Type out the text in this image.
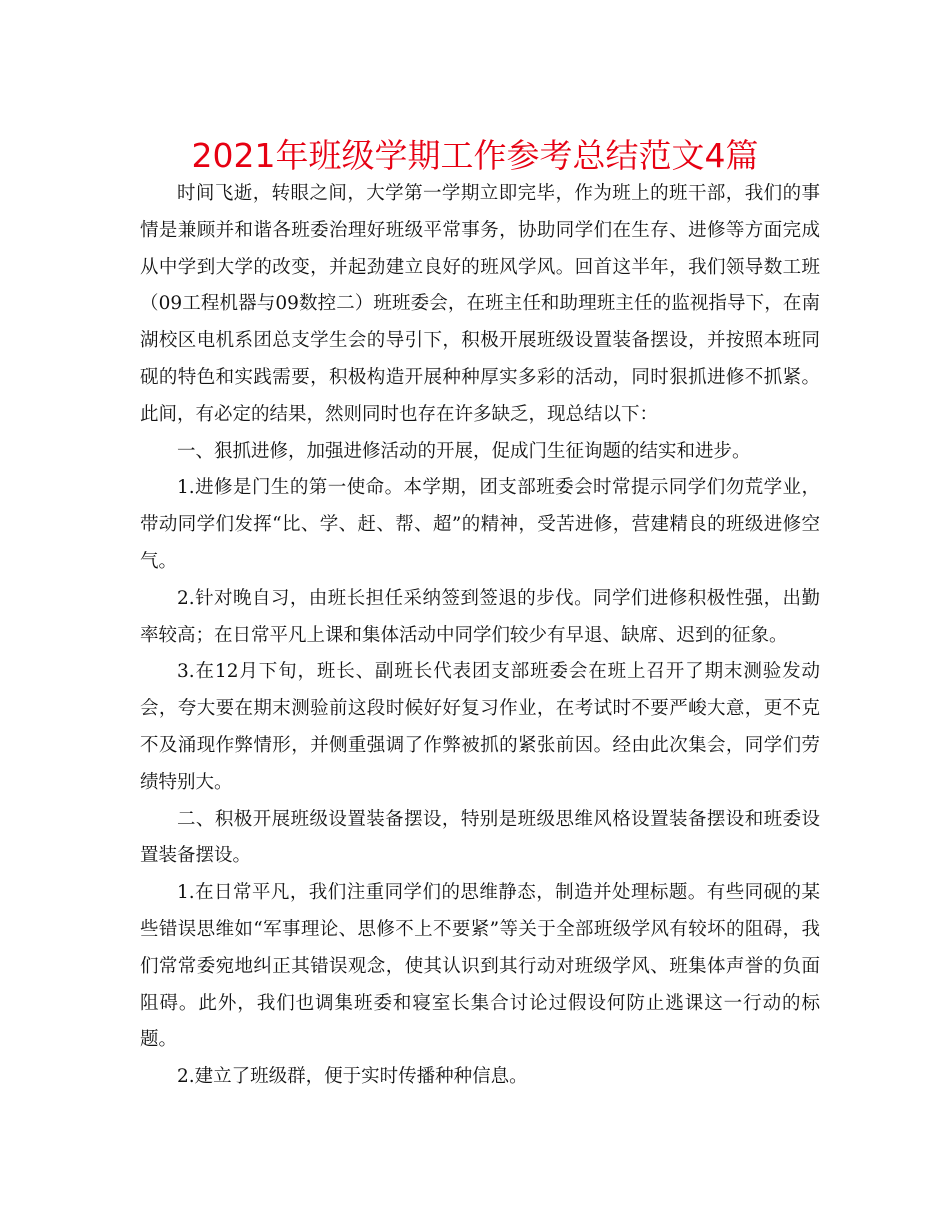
2021年班级学期工作参考总结范文4篇

时间飞逝，转眼之间，大学第一学期立即完毕，作为班上的班干部，我们的事情是兼顾并和谐各班委治理好班级平常事务，协助同学们在生存、进修等方面完成从中学到大学的改变，并起劲建立良好的班风学风。回首这半年，我们领导数工班（09工程机器与09数控二）班班委会，在班主任和助理班主任的监视指导下，在南湖校区电机系团总支学生会的导引下，积极开展班级设置装备摆设，并按照本班同砚的特色和实践需要，积极构造开展种种厚实多彩的活动，同时狠抓进修不抓紧。此间，有必定的结果，然则同时也存在许多缺乏，现总结以下：

一、狠抓进修，加强进修活动的开展，促成门生征询题的结实和进步。

1.进修是门生的第一使命。本学期，团支部班委会时常提示同学们勿荒学业，带动同学们发挥“比、学、赶、帮、超”的精神，受苦进修，营建精良的班级进修空气。

2.针对晚自习，由班长担任采纳签到签退的步伐。同学们进修积极性强，出勤率较高；在日常平凡上课和集体活动中同学们较少有早退、缺席、迟到的征象。

3.在12月下旬，班长、副班长代表团支部班委会在班上召开了期末测验发动会，夸大要在期末测验前这段时候好好复习作业，在考试时不要严峻大意，更不克不及涌现作弊情形，并侧重强调了作弊被抓的紧张前因。经由此次集会，同学们劳绩特别大。

二、积极开展班级设置装备摆设，特别是班级思维风格设置装备摆设和班委设置装备摆设。

1.在日常平凡，我们注重同学们的思维静态，制造并处理标题。有些同砚的某些错误思维如“军事理论、思修不上不要紧”等关于全部班级学风有较坏的阻碍，我们常常委宛地纠正其错误观念，使其认识到其行动对班级学风、班集体声誉的负面阻碍。此外，我们也调集班委和寝室长集合讨论过假设何防止逃课这一行动的标题。

2.建立了班级群，便于实时传播种种信息。
